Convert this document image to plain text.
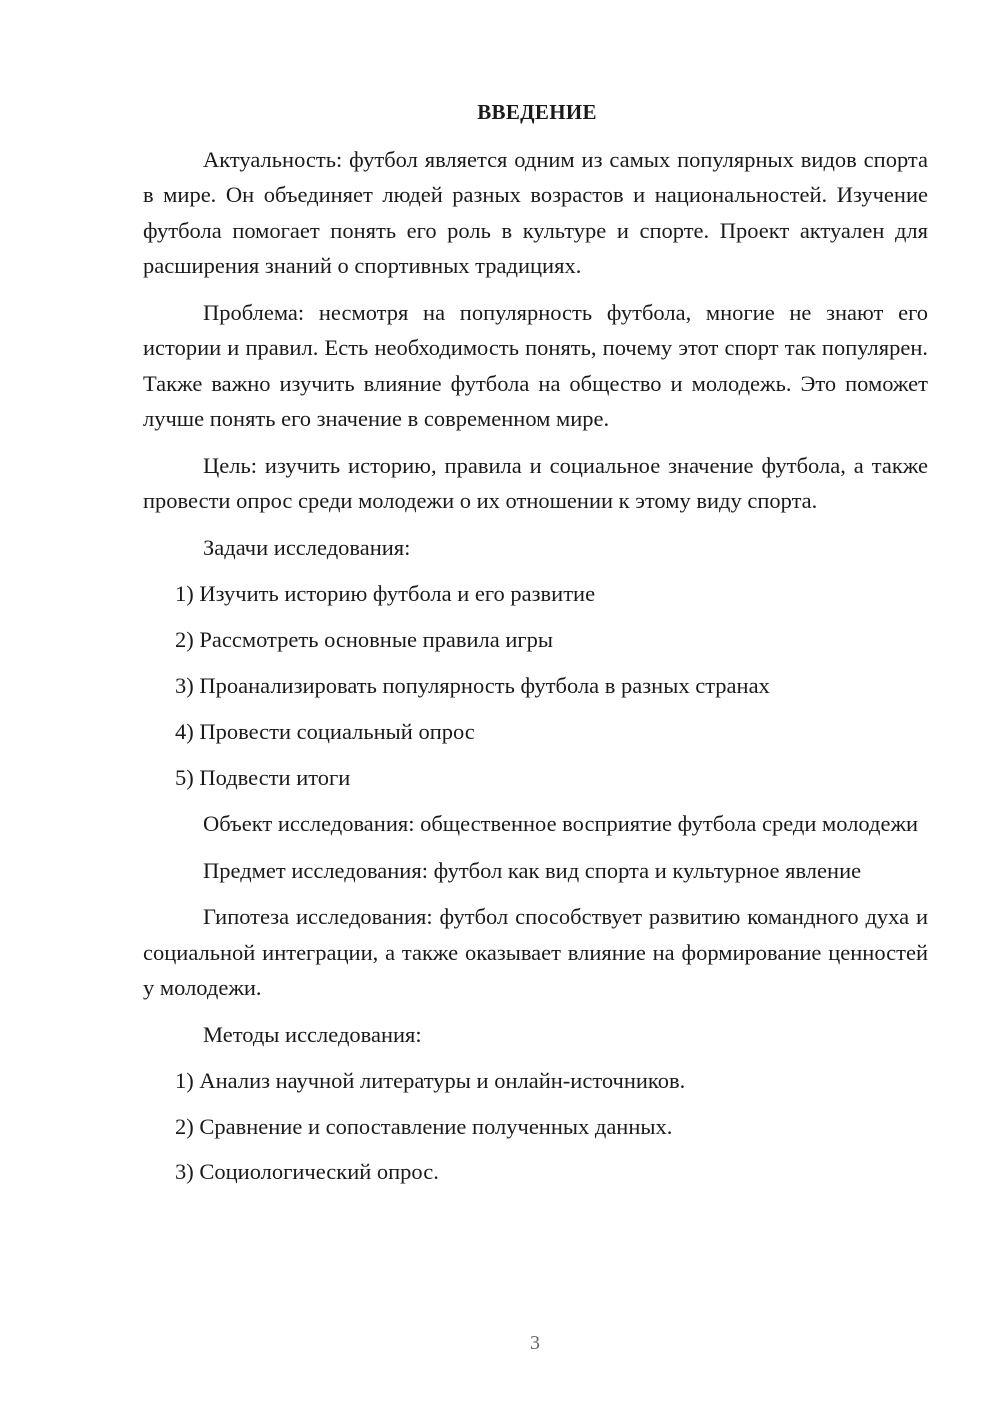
ВВЕДЕНИЕ

Актуальность: футбол является одним из самых популярных видов спорта в мире. Он объединяет людей разных возрастов и национальностей. Изучение футбола помогает понять его роль в культуре и спорте. Проект актуален для расширения знаний о спортивных традициях.

Проблема: несмотря на популярность футбола, многие не знают его истории и правил. Есть необходимость понять, почему этот спорт так популярен. Также важно изучить влияние футбола на общество и молодежь. Это поможет лучше понять его значение в современном мире.

Цель: изучить историю, правила и социальное значение футбола, а также провести опрос среди молодежи о их отношении к этому виду спорта.

Задачи исследования:

1) Изучить историю футбола и его развитие
2) Рассмотреть основные правила игры
3) Проанализировать популярность футбола в разных странах
4) Провести социальный опрос
5) Подвести итоги

Объект исследования: общественное восприятие футбола среди молодежи

Предмет исследования: футбол как вид спорта и культурное явление

Гипотеза исследования: футбол способствует развитию командного духа и социальной интеграции, а также оказывает влияние на формирование ценностей у молодежи.

Методы исследования:

1) Анализ научной литературы и онлайн-источников.
2) Сравнение и сопоставление полученных данных.
3) Социологический опрос.
3
